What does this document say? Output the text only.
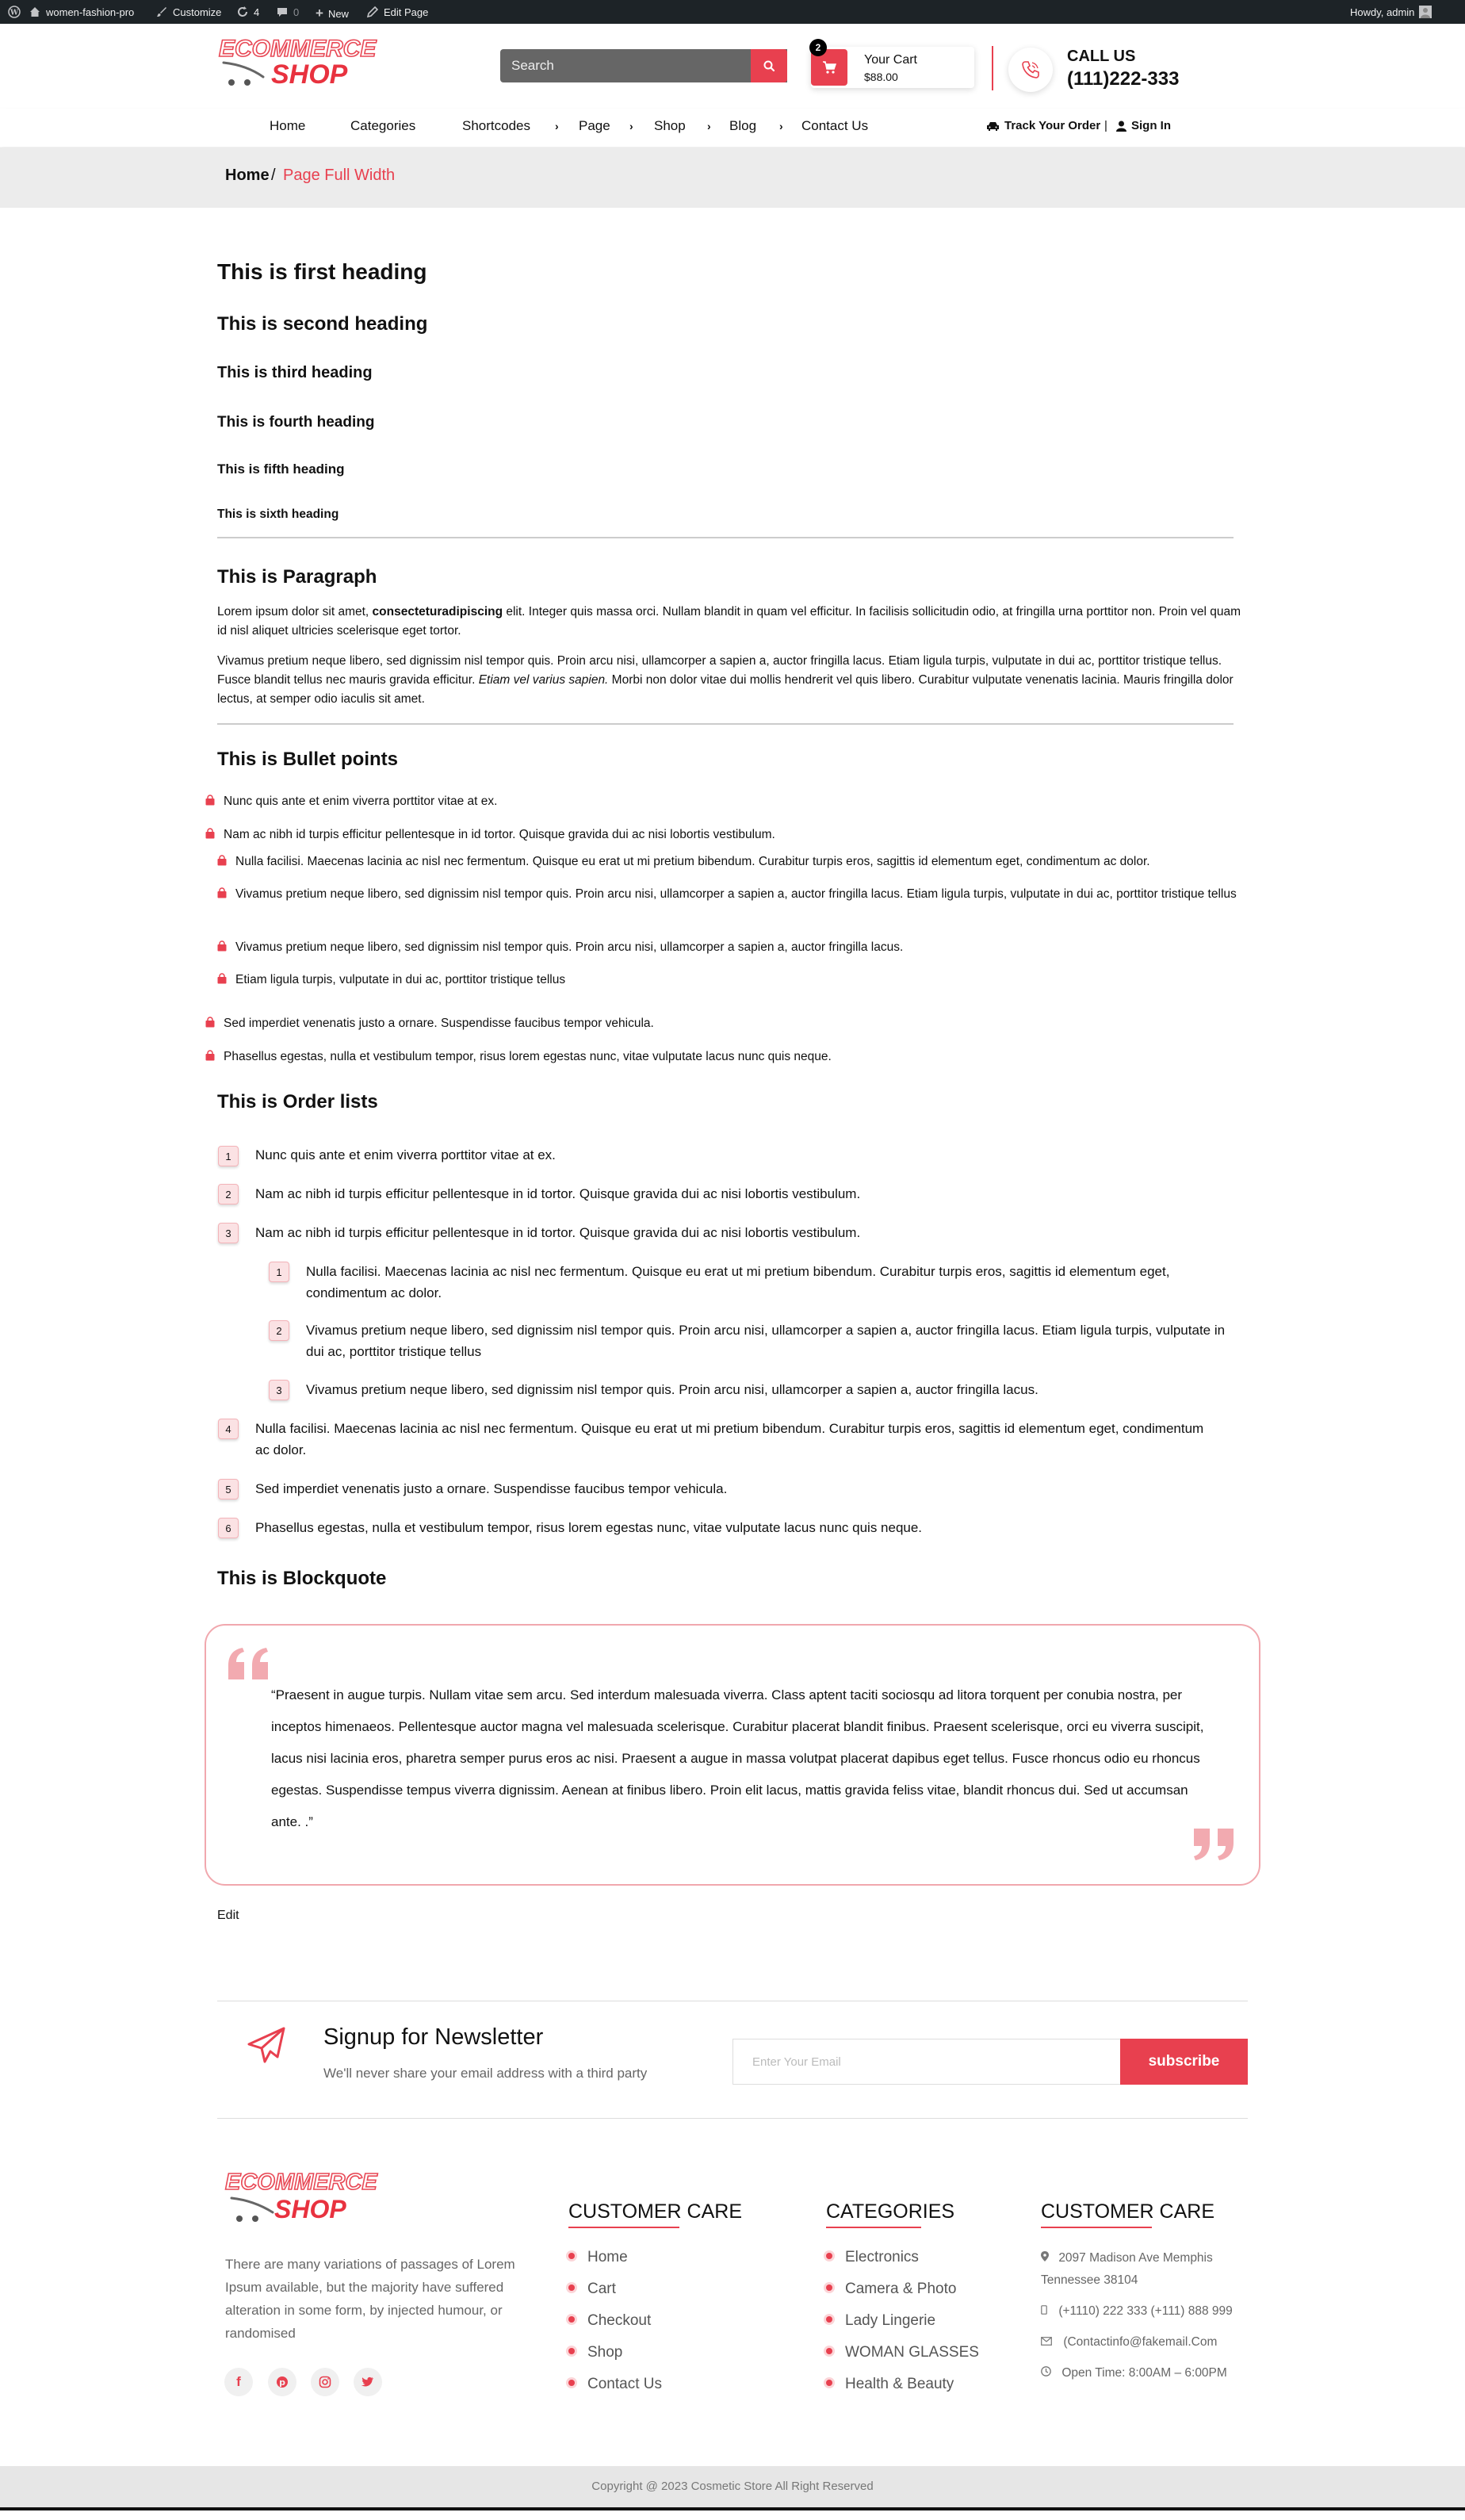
W	women-fashion-pro	Customize	4	0 + New	Edit Page	Howdy, admin
ECOMMERCE
SHOP
Search
2
Your Cart
$88.00
CALL US
(111)222-333
Home	Categories	Shortcodes › Page › Shop › Blog › Contact Us	Track Your Order | Sign In
Home / Page Full Width
This is first heading
This is second heading
This is third heading
This is fourth heading
This is fifth heading
This is sixth heading
This is Paragraph
Lorem ipsum dolor sit amet, consecteturadipiscing elit. Integer quis massa orci. Nullam blandit in quam vel efficitur. In facilisis sollicitudin odio, at fringilla urna porttitor non. Proin vel quam id nisl aliquet ultricies scelerisque eget tortor.
Vivamus pretium neque libero, sed dignissim nisl tempor quis. Proin arcu nisi, ullamcorper a sapien a, auctor fringilla lacus. Etiam ligula turpis, vulputate in dui ac, porttitor tristique tellus. Fusce blandit tellus nec mauris gravida efficitur. Etiam vel varius sapien. Morbi non dolor vitae dui mollis hendrerit vel quis libero. Curabitur vulputate venenatis lacinia. Mauris fringilla dolor lectus, at semper odio iaculis sit amet.
This is Bullet points
Nunc quis ante et enim viverra porttitor vitae at ex.
Nam ac nibh id turpis efficitur pellentesque in id tortor. Quisque gravida dui ac nisi lobortis vestibulum.
Nulla facilisi. Maecenas lacinia ac nisl nec fermentum. Quisque eu erat ut mi pretium bibendum. Curabitur turpis eros, sagittis id elementum eget, condimentum ac dolor.
Vivamus pretium neque libero, sed dignissim nisl tempor quis. Proin arcu nisi, ullamcorper a sapien a, auctor fringilla lacus. Etiam ligula turpis, vulputate in dui ac, porttitor tristique tellus
Vivamus pretium neque libero, sed dignissim nisl tempor quis. Proin arcu nisi, ullamcorper a sapien a, auctor fringilla lacus.
Etiam ligula turpis, vulputate in dui ac, porttitor tristique tellus
Sed imperdiet venenatis justo a ornare. Suspendisse faucibus tempor vehicula.
Phasellus egestas, nulla et vestibulum tempor, risus lorem egestas nunc, vitae vulputate lacus nunc quis neque.
This is Order lists
1	Nunc quis ante et enim viverra porttitor vitae at ex.
2	Nam ac nibh id turpis efficitur pellentesque in id tortor. Quisque gravida dui ac nisi lobortis vestibulum.
3	Nam ac nibh id turpis efficitur pellentesque in id tortor. Quisque gravida dui ac nisi lobortis vestibulum.
1	Nulla facilisi. Maecenas lacinia ac nisl nec fermentum. Quisque eu erat ut mi pretium bibendum. Curabitur turpis eros, sagittis id elementum eget, condimentum ac dolor.
2	Vivamus pretium neque libero, sed dignissim nisl tempor quis. Proin arcu nisi, ullamcorper a sapien a, auctor fringilla lacus. Etiam ligula turpis, vulputate in dui ac, porttitor tristique tellus
3	Vivamus pretium neque libero, sed dignissim nisl tempor quis. Proin arcu nisi, ullamcorper a sapien a, auctor fringilla lacus.
4	Nulla facilisi. Maecenas lacinia ac nisl nec fermentum. Quisque eu erat ut mi pretium bibendum. Curabitur turpis eros, sagittis id elementum eget, condimentum ac dolor.
5	Sed imperdiet venenatis justo a ornare. Suspendisse faucibus tempor vehicula.
6	Phasellus egestas, nulla et vestibulum tempor, risus lorem egestas nunc, vitae vulputate lacus nunc quis neque.
This is Blockquote
“Praesent in augue turpis. Nullam vitae sem arcu. Sed interdum malesuada viverra. Class aptent taciti sociosqu ad litora torquent per conubia nostra, per inceptos himenaeos. Pellentesque auctor magna vel malesuada scelerisque. Curabitur placerat blandit finibus. Praesent scelerisque, orci eu viverra suscipit, lacus nisi lacinia eros, pharetra semper purus eros ac nisi. Praesent a augue in massa volutpat placerat dapibus eget tellus. Fusce rhoncus odio eu rhoncus egestas. Suspendisse tempus viverra dignissim. Aenean at finibus libero. Proin elit lacus, mattis gravida feliss vitae, blandit rhoncus dui. Sed ut accumsan ante. .”
Edit
Signup for Newsletter
We'll never share your email address with a third party
Enter Your Email
subscribe
ECOMMERCE
SHOP
There are many variations of passages of Lorem Ipsum available, but the majority have suffered alteration in some form, by injected humour, or randomised
f	p
CUSTOMER CARE
Home
Cart
Checkout
Shop
Contact Us
CATEGORIES
Electronics
Camera & Photo
Lady Lingerie
WOMAN GLASSES
Health & Beauty
CUSTOMER CARE
2097 Madison Ave Memphis Tennessee 38104
(+1110) 222 333 (+111) 888 999
(Contactinfo@fakemail.Com
Open Time: 8:00AM – 6:00PM
Copyright @ 2023 Cosmetic Store All Right Reserved
